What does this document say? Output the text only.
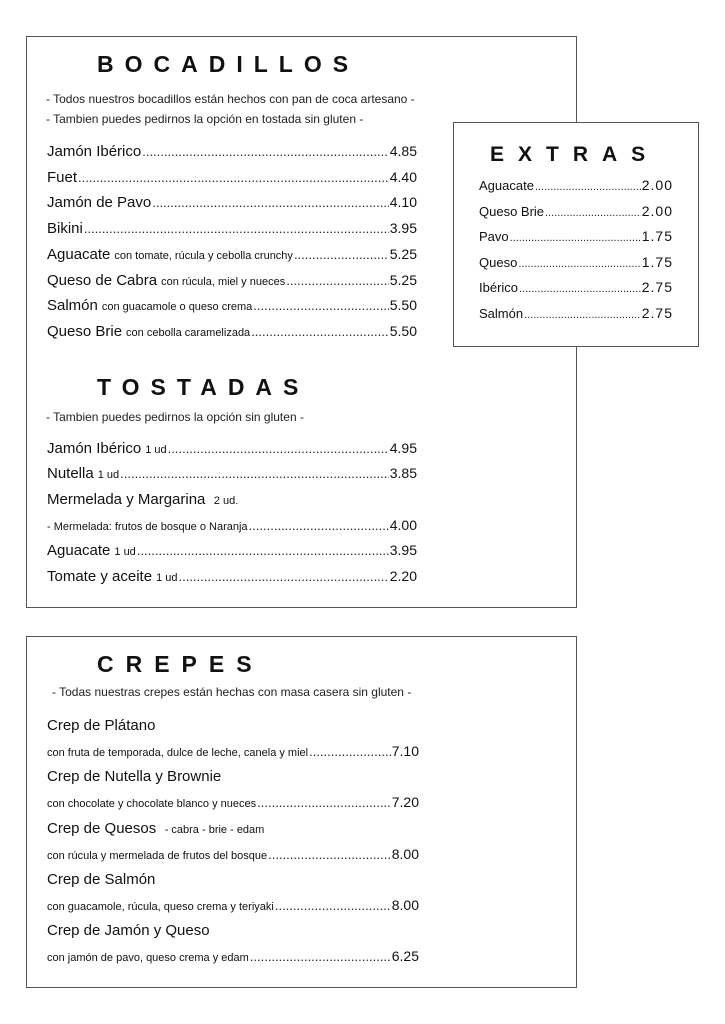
BOCADILLOS

- Todos nuestros bocadillos están hechos con pan de coca artesano -

- Tambien puedes pedirnos la opción en tostada sin gluten -

Jamón Ibérico .....	4.85
Fuet .....	4.40
Jamón de Pavo .....	4.10
Bikini .....	3.95
Aguacate con tomate, rúcula y cebolla crunchy .....	5.25
Queso de Cabra con rúcula, miel y nueces .....	5.25
Salmón con guacamole o queso crema .....	5.50
Queso Brie con cebolla caramelizada .....	5.50
TOSTADAS

- Tambien puedes pedirnos la opción sin gluten -

Jamón Ibérico 1 ud .....	4.95
Nutella 1 ud .....	3.85
Mermelada y Margarina 2 ud.
- Mermelada: frutos de bosque o Naranja .....	4.00
Aguacate 1 ud .....	3.95
Tomate y aceite 1 ud .....	2.20
EXTRAS
Aguacate .....	2.00
Queso Brie .....	2.00
Pavo .....	1.75
Queso .....	1.75
Ibérico .....	2.75
Salmón .....	2.75
CREPES

- Todas nuestras crepes están hechas con masa casera sin gluten -

Crep de Plátano
con fruta de temporada, dulce de leche, canela y miel .....	7.10
Crep de Nutella y Brownie
con chocolate y chocolate blanco y nueces .....	7.20
Crep de Quesos - cabra - brie - edam
con rúcula y mermelada de frutos del bosque .....	8.00
Crep de Salmón
con guacamole, rúcula, queso crema y teriyaki .....	8.00
Crep de Jamón y Queso
con jamón de pavo, queso crema y edam .....	6.25
